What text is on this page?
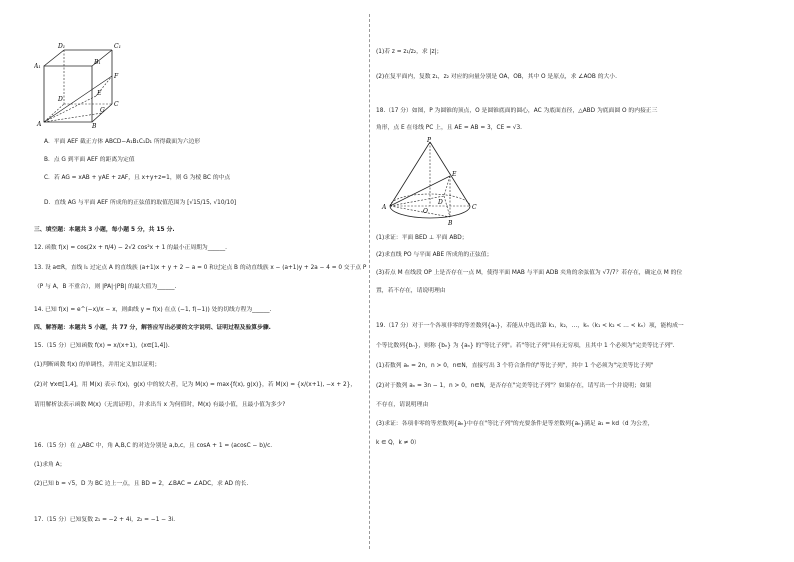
D₁	C₁
A₁
B₁
D
C
A	B
E
F
G
A．平面 AEF 截正方体 ABCD−A₁B₁C₁D₁ 所得截面为六边形
B．点 G 到平面 AEF 的距离为定值
C．若 AG = xAB + yAE + zAF，且 x+y+z=1，则 G 为棱 BC 的中点
D．直线 AG 与平面 AEF 所成角的正弦值的取值范围为 [√15/15, √10/10]
三、填空题：本题共 3 小题，每小题 5 分，共 15 分.
12. 函数 f(x) = cos(2x + π/4) − 2√2 cos²x + 1 的最小正周期为______.
13. 设 a∈R，直线 l₁ 过定点 A 的直线族 (a+1)x + y + 2 − a = 0 和过定点 B 的动直线族 x − (a+1)y + 2a − 4 = 0 交于点 P
（P 与 A，B 不重合），则 |PA|·|PB| 的最大值为______.
14. 已知 f(x) = e^(−x)/x − x，则曲线 y = f(x) 在点 (−1, f(−1)) 处的切线方程为______.
四、解答题：本题共 5 小题，共 77 分，解答应写出必要的文字说明、证明过程及验算步骤.
15.（15 分）已知函数 f(x) = x/(x+1)，(x∈[1,4]).
(1)判断函数 f(x) 的单调性，并用定义加以证明；
(2)对 ∀x∈[1,4]，用 M(x) 表示 f(x)，g(x) 中的较大者，记为 M(x) = max{f(x), g(x)}，若 M(x) = {x/(x+1), −x + 2}，
请用解析法表示函数 M(x)（无需证明），并求出当 x 为何值时，M(x) 有最小值，且最小值为多少?
16.（15 分）在 △ABC 中，角 A,B,C 的对边分别是 a,b,c，且 cosA + 1 = (acosC − b)/c.
(1)求角 A；
(2)已知 b = √5，D 为 BC 边上一点，且 BD = 2，∠BAC = ∠ADC，求 AD 的长.
17.（15 分）已知复数 z₁ = −2 + 4i，z₂ = −1 − 3i.
(1)若 z = z₁/z₂，求 |z|；
(2)在复平面内，复数 z₁，z₂ 对应的向量分别是 OA，OB，其中 O 是原点，求 ∠AOB 的大小.
18.（17 分）如图，P 为圆锥的顶点，O 是圆锥底面的圆心，AC 为底面直径，△ABD 为底面圆 O 的内接正三
角形，点 E 在母线 PC 上，且 AE = AB = 3，CE = √3.
P
E
A
O
D
C
B
(1)求证：平面 BED ⊥ 平面 ABD；
(2)求直线 PO 与平面 ABE 所成角的正弦值；
(3)若点 M 在线段 OP 上是否存在一点 M，使得平面 MAB 与平面 ADB 夹角的余弦值为 √7/7？若存在，确定点 M 的位
置，若不存在，请说明理由
19.（17 分）对于一个各项非零的等差数列{aₙ}，若能从中选出第 k₁，k₂，…，kₙ（k₁ < k₂ < … < kₙ）项，能构成一
个等比数列{bₙ}，则称 {bₙ} 为 {aₙ} 的"等比子列"。若"等比子列"具有无穷项，且其中 1 个必须为"完美等比子列".
(1)若数列 aₙ = 2n，n > 0，n∈N，直接写出 3 个符合条件的"等比子列"，其中 1 个必须为"完美等比子列"
(2)对于数列 aₙ = 3n − 1，n > 0，n∈N，是否存在"完美等比子列"？如果存在，请写出一个并说明；如果
不存在，请说明理由
(3)求证：各项非零的等差数列{aₙ}中存在"等比子列"的充要条件是等差数列{aₙ}满足 a₁ = kd（d 为公差，
k ∈ Q，k ≠ 0）
